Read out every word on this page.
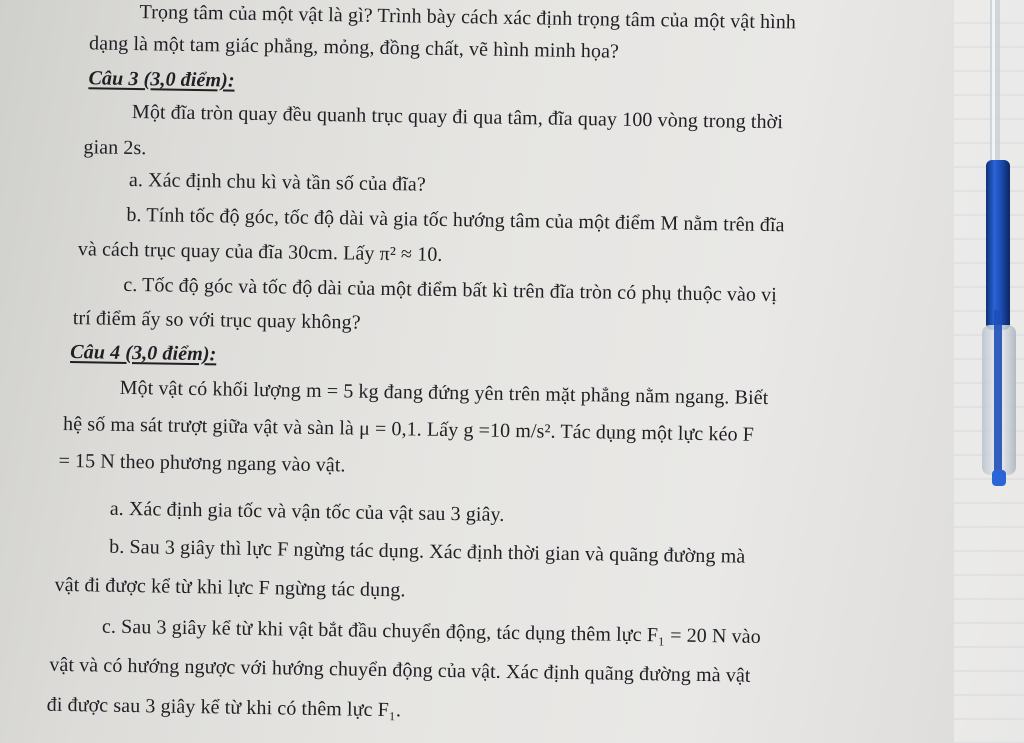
Trọng tâm của một vật là gì? Trình bày cách xác định trọng tâm của một vật hình
dạng là một tam giác phẳng, mỏng, đồng chất, vẽ hình minh họa?
Câu 3 (3,0 điểm):
Một đĩa tròn quay đều quanh trục quay đi qua tâm, đĩa quay 100 vòng trong thời
gian 2s.
a. Xác định chu kì và tần số của đĩa?
b. Tính tốc độ góc, tốc độ dài và gia tốc hướng tâm của một điểm M nằm trên đĩa
và cách trục quay của đĩa 30cm. Lấy π² ≈ 10.
c. Tốc độ góc và tốc độ dài của một điểm bất kì trên đĩa tròn có phụ thuộc vào vị
trí điểm ấy so với trục quay không?
Câu 4 (3,0 điểm):
Một vật có khối lượng m = 5 kg đang đứng yên trên mặt phẳng nằm ngang. Biết
hệ số ma sát trượt giữa vật và sàn là μ = 0,1. Lấy g =10 m/s². Tác dụng một lực kéo F
= 15 N theo phương ngang vào vật.
a. Xác định gia tốc và vận tốc của vật sau 3 giây.
b. Sau 3 giây thì lực F ngừng tác dụng. Xác định thời gian và quãng đường mà
vật đi được kể từ khi lực F ngừng tác dụng.
c. Sau 3 giây kể từ khi vật bắt đầu chuyển động, tác dụng thêm lực F₁ = 20 N vào
vật và có hướng ngược với hướng chuyển động của vật. Xác định quãng đường mà vật
đi được sau 3 giây kể từ khi có thêm lực F₁.
